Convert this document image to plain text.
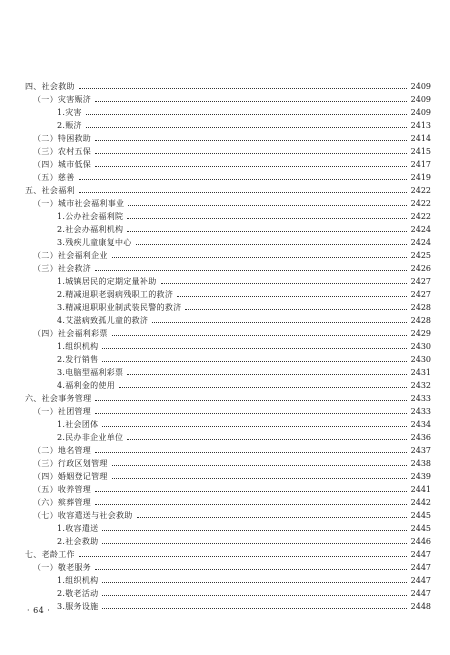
四、社会救助	2409
（一）灾害赈济	2409
1.灾害	2409
2.赈济	2413
（二）特困救助	2414
（三）农村五保	2415
（四）城市低保	2417
（五）慈善	2419
五、社会福利	2422
（一）城市社会福利事业	2422
1.公办社会福利院	2422
2.社会办福利机构	2424
3.残疾儿童康复中心	2424
（二）社会福利企业	2425
（三）社会救济	2426
1.城镇居民的定期定量补助	2427
2.精减退职老弱病残职工的救济	2427
3.精减退职职业制武装民警的救济	2428
4.艾滋病致孤儿童的救济	2428
（四）社会福利彩票	2429
1.组织机构	2430
2.发行销售	2430
3.电脑型福利彩票	2431
4.福利金的使用	2432
六、社会事务管理	2433
（一）社团管理	2433
1.社会团体	2434
2.民办非企业单位	2436
（二）地名管理	2437
（三）行政区划管理	2438
（四）婚姻登记管理	2439
（五）收养管理	2441
（六）殡葬管理	2442
（七）收容遣送与社会救助	2445
1.收容遣送	2445
2.社会救助	2446
七、老龄工作	2447
（一）敬老服务	2447
1.组织机构	2447
2.敬老活动	2447
3.服务设施	2448
· 64 ·
